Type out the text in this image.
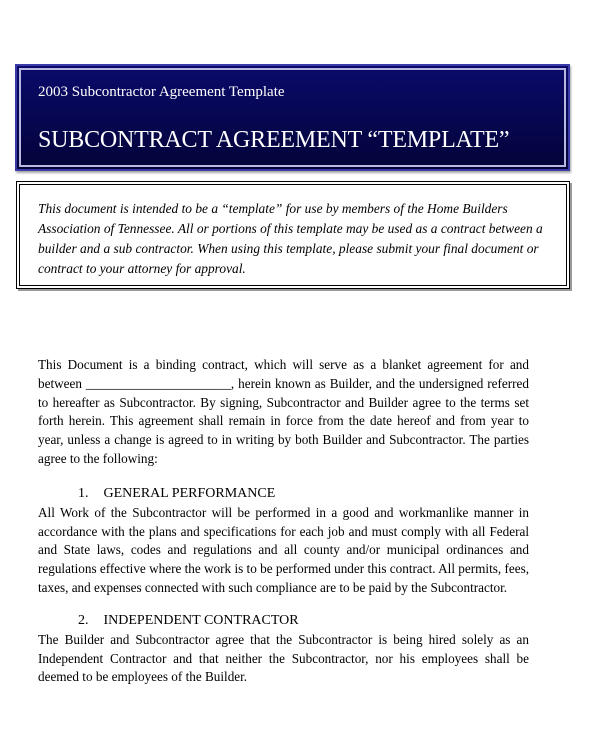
2003 Subcontractor Agreement Template
SUBCONTRACT AGREEMENT “TEMPLATE”

This document is intended to be a “template” for use by members of the Home Builders Association of Tennessee. All or portions of this template may be used as a contract between a builder and a sub contractor. When using this template, please submit your final document or contract to your attorney for approval.

This Document is a binding contract, which will serve as a blanket agreement for and between ______________________, herein known as Builder, and the undersigned referred to hereafter as Subcontractor. By signing, Subcontractor and Builder agree to the terms set forth herein. This agreement shall remain in force from the date hereof and from year to year, unless a change is agreed to in writing by both Builder and Subcontractor. The parties agree to the following:

1. GENERAL PERFORMANCE

All Work of the Subcontractor will be performed in a good and workmanlike manner in accordance with the plans and specifications for each job and must comply with all Federal and State laws, codes and regulations and all county and/or municipal ordinances and regulations effective where the work is to be performed under this contract. All permits, fees, taxes, and expenses connected with such compliance are to be paid by the Subcontractor.

2. INDEPENDENT CONTRACTOR

The Builder and Subcontractor agree that the Subcontractor is being hired solely as an Independent Contractor and that neither the Subcontractor, nor his employees shall be deemed to be employees of the Builder.
